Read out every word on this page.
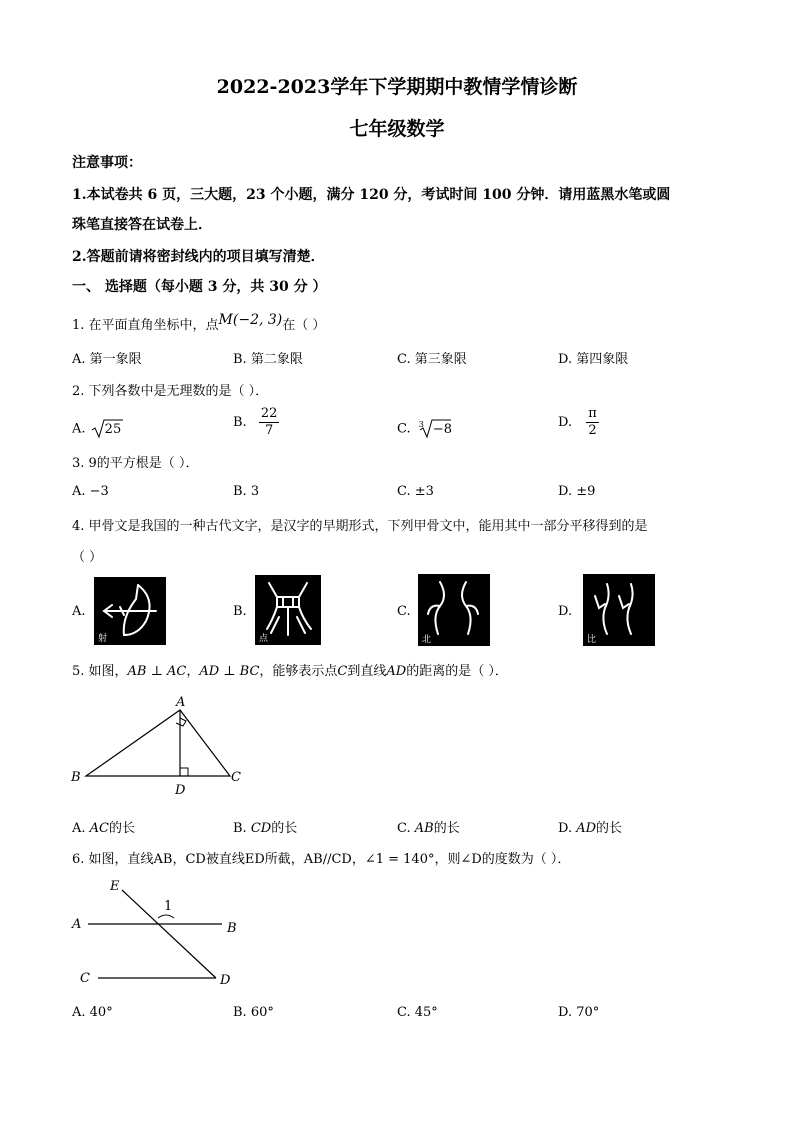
2022-2023学年下学期期中教情学情诊断
七年级数学
注意事项：
1.本试卷共 6 页，三大题，23 个小题，满分 120 分，考试时间 100 分钟．请用蓝黑水笔或圆
珠笔直接答在试卷上．
2.答题前请将密封线内的项目填写清楚．
一、 选择题（每小题 3 分，共 30 分 ）
1. 在平面直角坐标中，点M(−2, 3)在（ ）
A. 第一象限	B. 第二象限	C. 第三象限	D. 第四象限
2. 下列各数中是无理数的是（ ）．
A. 25	B. $\frac{22}{7}$	C. $^3$ −8	D. $\frac{\pi}{2}$
3. 9的平方根是（ ）．
A. −3	B. 3	C. ±3	D. ±9
4. 甲骨文是我国的一种古代文字，是汉字的早期形式，下列甲骨文中，能用其中一部分平移得到的是
（ ）
A.
射
B.
点
C.
北
D.
比
5. 如图，AB ⊥ AC，AD ⊥ BC，能够表示点C到直线AD的距离的是（ ）．
A
B	C
D
A. AC的长	B. CD的长	C. AB的长	D. AD的长
6. 如图，直线AB，CD被直线ED所截，AB//CD，∠1 = 140°，则∠D的度数为（ ）．
E
1
A	B
C	D
A. 40°	B. 60°	C. 45°	D. 70°
